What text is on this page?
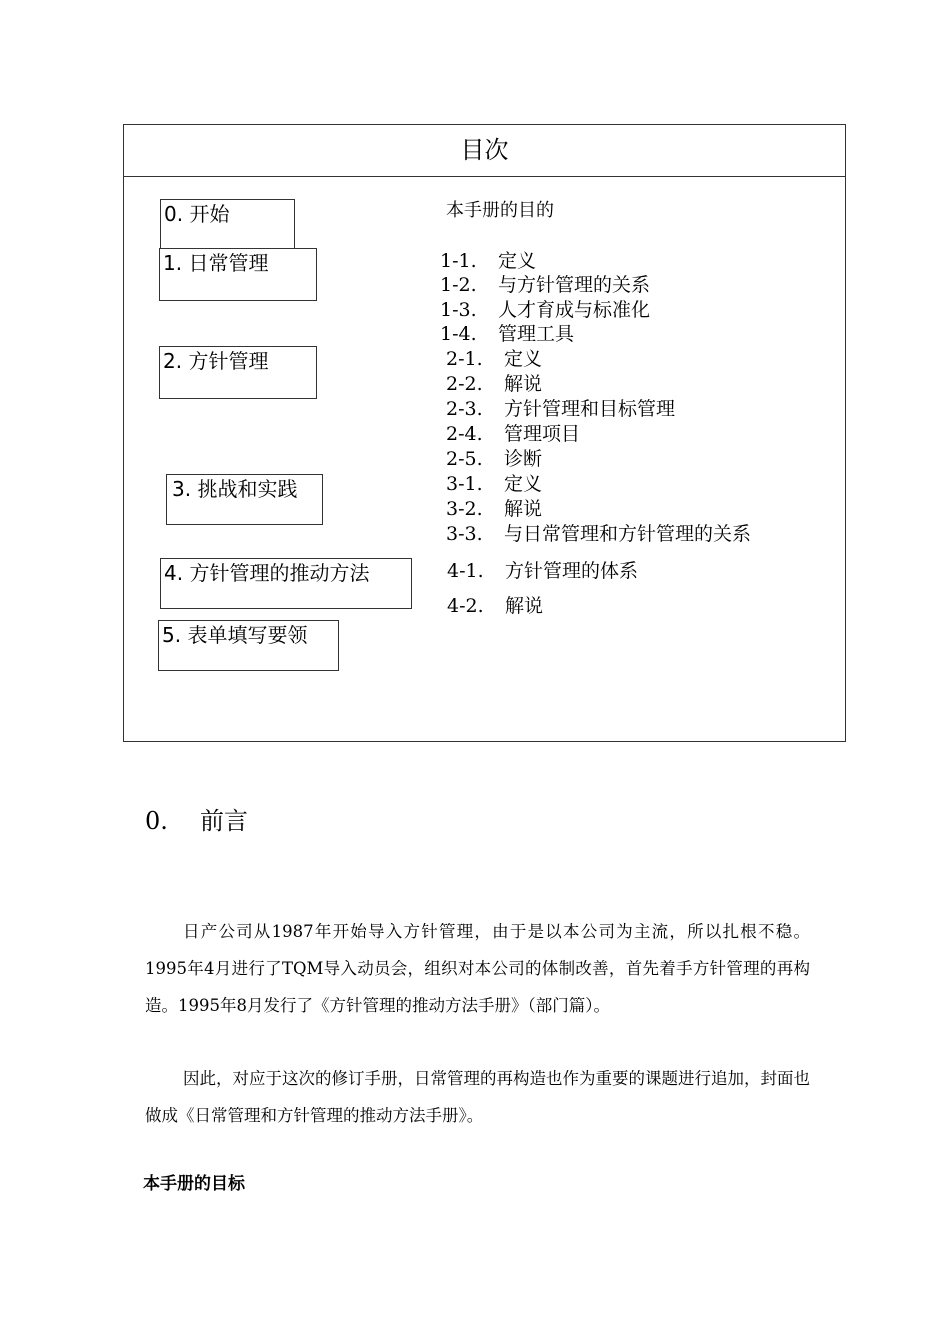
目次
0. 开始
1. 日常管理
2. 方针管理
3. 挑战和实践
4. 方针管理的推动方法
5. 表单填写要领
本手册的目的
1-1. 定义
1-2. 与方针管理的关系
1-3. 人才育成与标准化
1-4. 管理工具
2-1. 定义
2-2. 解说
2-3. 方针管理和目标管理
2-4. 管理项目
2-5. 诊断
3-1. 定义
3-2. 解说
3-3. 与日常管理和方针管理的关系
4-1. 方针管理的体系
4-2. 解说
0. 前言

日产公司从1987年开始导入方针管理，由于是以本公司为主流，所以扎根不稳。1995年4月进行了TQM导入动员会，组织对本公司的体制改善，首先着手方针管理的再构造。1995年8月发行了《方针管理的推动方法手册》（部门篇）。

因此，对应于这次的修订手册，日常管理的再构造也作为重要的课题进行追加，封面也做成《日常管理和方针管理的推动方法手册》。

本手册的目标
